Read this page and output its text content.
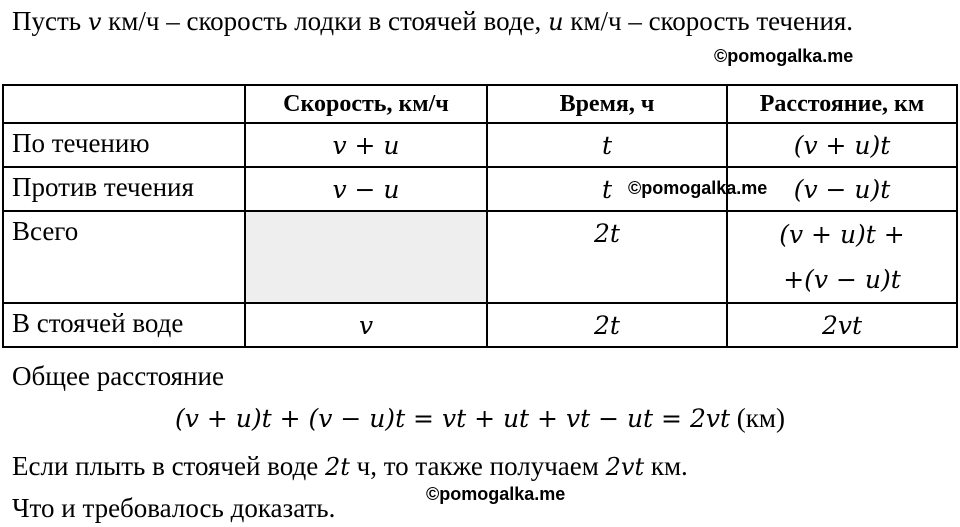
Пусть v км/ч – скорость лодки в стоячей воде, u км/ч – скорость течения.
©pomogalka.me
	Скорость, км/ч	Время, ч	Расстояние, км
По течению	v + u	t	(v + u)t
Против течения	v − u	t	(v − u)t
Всего		2t	(v + u)t +
+(v − u)t
В стоячей воде	v	2t	2vt
©pomogalka.me
Общее расстояние
(v + u)t + (v − u)t = vt + ut + vt − ut = 2vt (км)
Если плыть в стоячей воде 2t ч, то также получаем 2vt км.
Что и требовалось доказать.	©pomogalka.me
